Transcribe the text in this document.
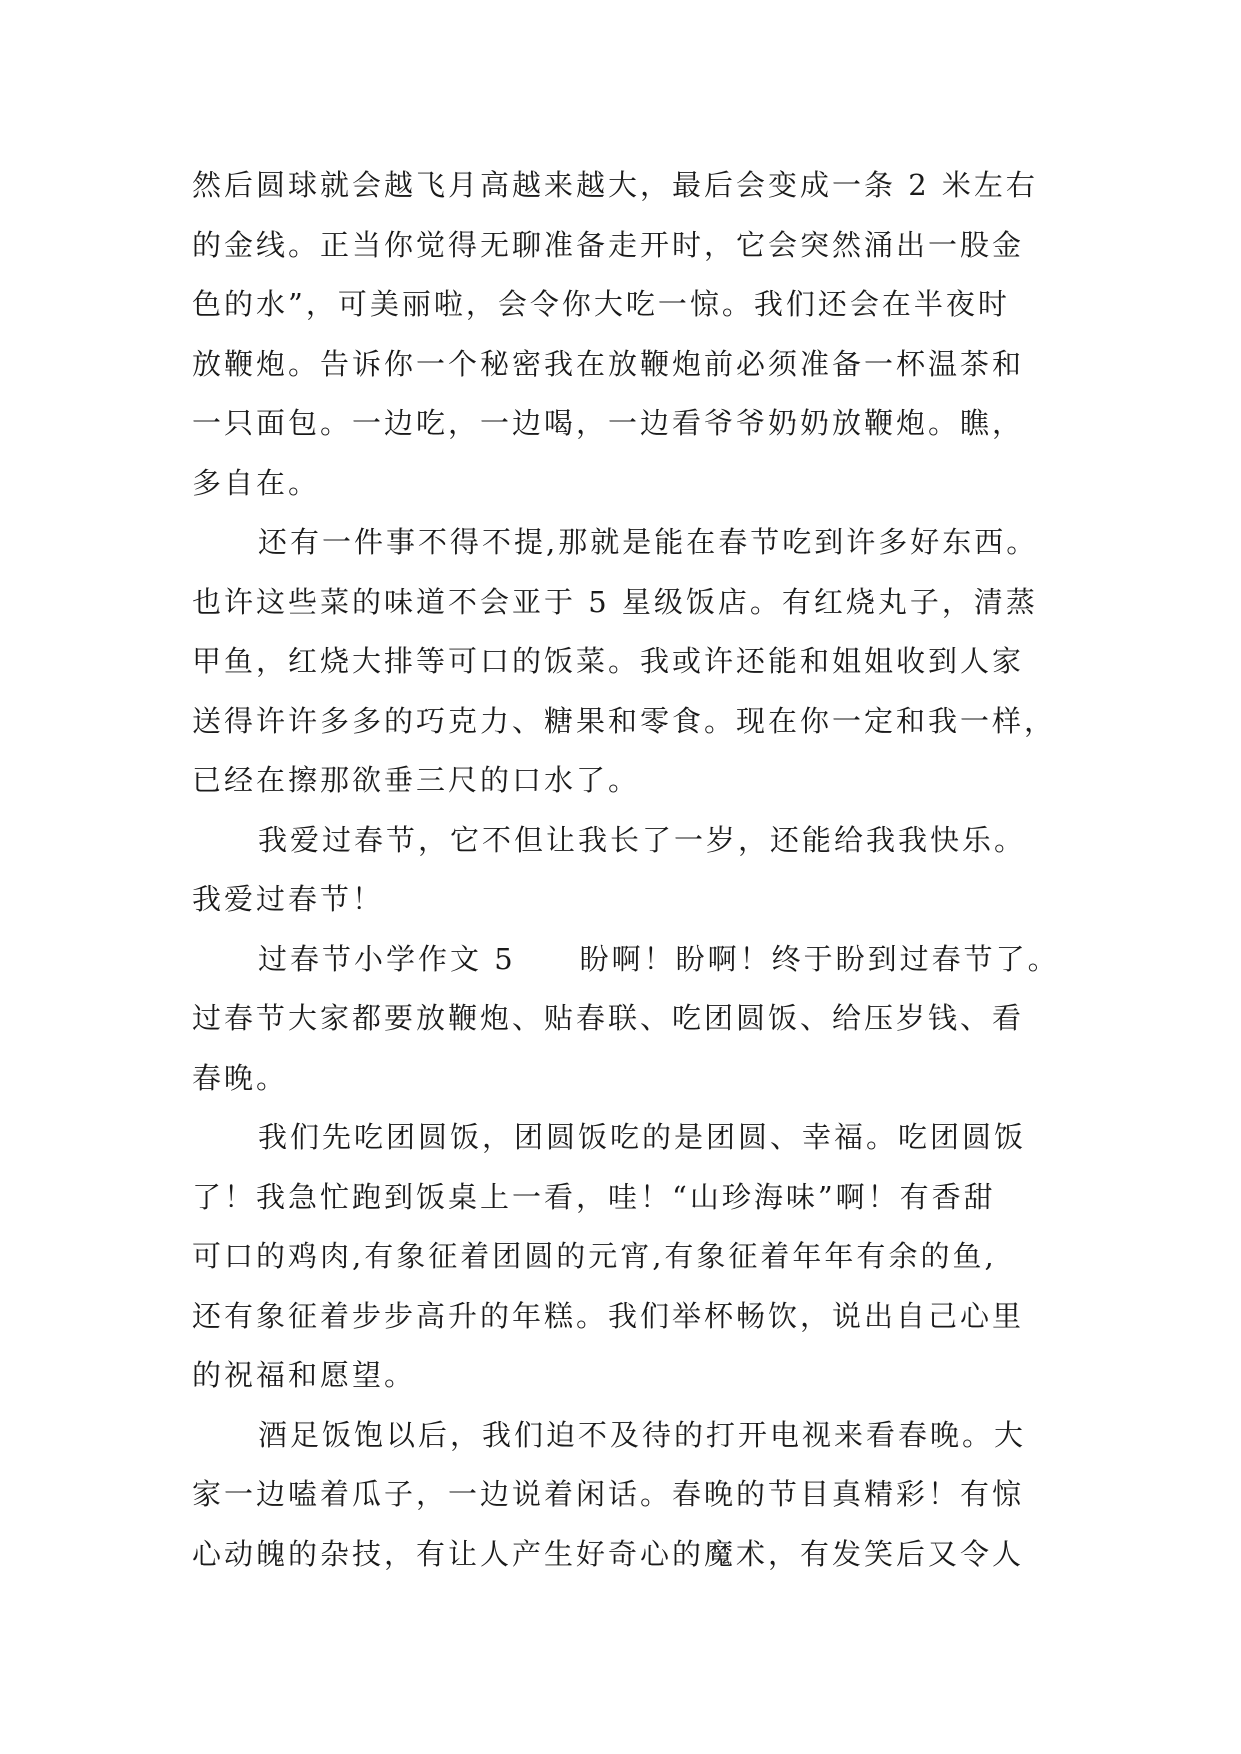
然后圆球就会越飞月高越来越大，最后会变成一条 2 米左右
的金线。正当你觉得无聊准备走开时，它会突然涌出一股金
色的水”，可美丽啦，会令你大吃一惊。我们还会在半夜时
放鞭炮。告诉你一个秘密我在放鞭炮前必须准备一杯温茶和
一只面包。一边吃，一边喝，一边看爷爷奶奶放鞭炮。瞧，
多自在。
还有一件事不得不提,那就是能在春节吃到许多好东西。
也许这些菜的味道不会亚于 5 星级饭店。有红烧丸子，清蒸
甲鱼，红烧大排等可口的饭菜。我或许还能和姐姐收到人家
送得许许多多的巧克力、糖果和零食。现在你一定和我一样，
已经在擦那欲垂三尺的口水了。
我爱过春节，它不但让我长了一岁，还能给我我快乐。
我爱过春节！
过春节小学作文 5　　盼啊！盼啊！终于盼到过春节了。
过春节大家都要放鞭炮、贴春联、吃团圆饭、给压岁钱、看
春晚。
我们先吃团圆饭，团圆饭吃的是团圆、幸福。吃团圆饭
了！我急忙跑到饭桌上一看，哇！“山珍海味”啊！有香甜
可口的鸡肉,有象征着团圆的元宵,有象征着年年有余的鱼,
还有象征着步步高升的年糕。我们举杯畅饮，说出自己心里
的祝福和愿望。
酒足饭饱以后，我们迫不及待的打开电视来看春晚。大
家一边嗑着瓜子，一边说着闲话。春晚的节目真精彩！有惊
心动魄的杂技，有让人产生好奇心的魔术，有发笑后又令人
